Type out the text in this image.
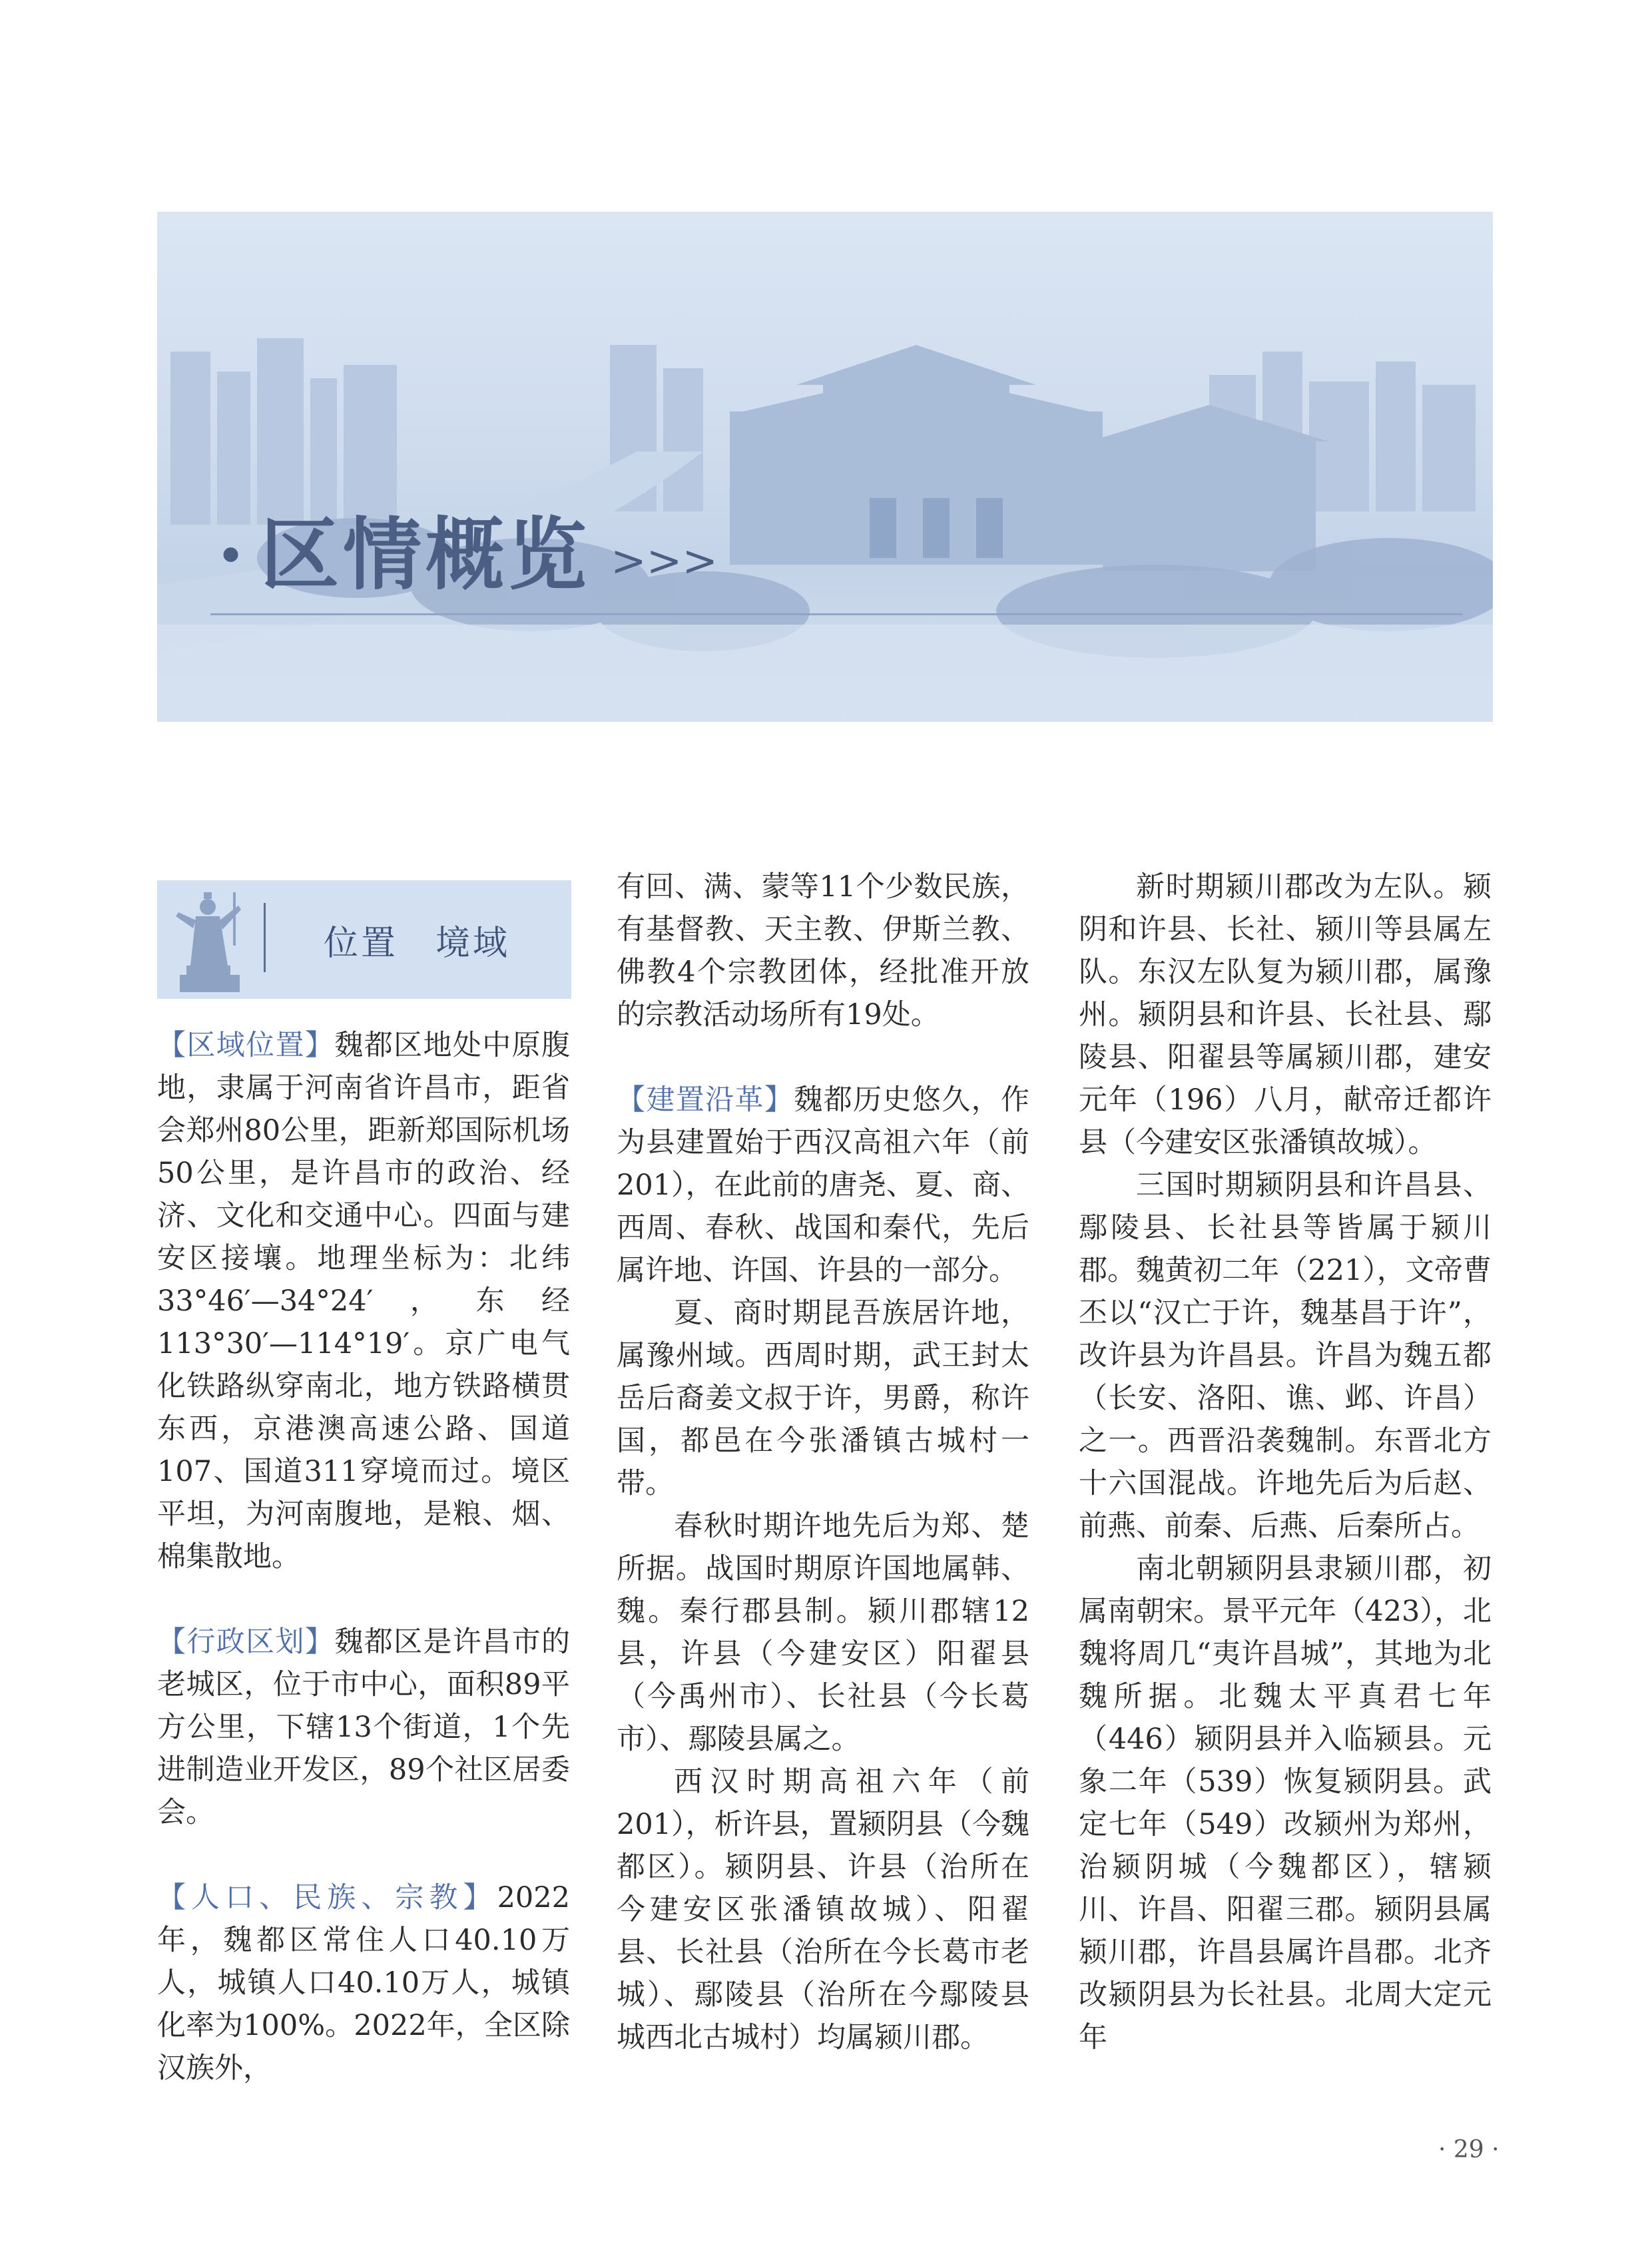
· 区情概览 >>>
位置　境域

【区域位置】魏都区地处中原腹地，隶属于河南省许昌市，距省会郑州80公里，距新郑国际机场50公里，是许昌市的政治、经济、文化和交通中心。四面与建安区接壤。地理坐标为：北纬33°46′—34°24′，东经113°30′—114°19′。京广电气化铁路纵穿南北，地方铁路横贯东西，京港澳高速公路、国道107、国道311穿境而过。境区平坦，为河南腹地，是粮、烟、棉集散地。

【行政区划】魏都区是许昌市的老城区，位于市中心，面积89平方公里，下辖13个街道，1个先进制造业开发区，89个社区居委会。

【人口、民族、宗教】2022年，魏都区常住人口40.10万人，城镇人口40.10万人，城镇化率为100%。2022年，全区除汉族外，

有回、满、蒙等11个少数民族，有基督教、天主教、伊斯兰教、佛教4个宗教团体，经批准开放的宗教活动场所有19处。

【建置沿革】魏都历史悠久，作为县建置始于西汉高祖六年（前201），在此前的唐尧、夏、商、西周、春秋、战国和秦代，先后属许地、许国、许县的一部分。

夏、商时期昆吾族居许地，属豫州域。西周时期，武王封太岳后裔姜文叔于许，男爵，称许国，都邑在今张潘镇古城村一带。

春秋时期许地先后为郑、楚所据。战国时期原许国地属韩、魏。秦行郡县制。颍川郡辖12县，许县（今建安区）阳翟县（今禹州市）、长社县（今长葛市）、鄢陵县属之。

西汉时期高祖六年（前201），析许县，置颍阴县（今魏都区）。颍阴县、许县（治所在今建安区张潘镇故城）、阳翟县、长社县（治所在今长葛市老城）、鄢陵县（治所在今鄢陵县城西北古城村）均属颍川郡。

新时期颍川郡改为左队。颍阴和许县、长社、颍川等县属左队。东汉左队复为颍川郡，属豫州。颍阴县和许县、长社县、鄢陵县、阳翟县等属颍川郡，建安元年（196）八月，献帝迁都许县（今建安区张潘镇故城）。

三国时期颍阴县和许昌县、鄢陵县、长社县等皆属于颍川郡。魏黄初二年（221），文帝曹丕以“汉亡于许，魏基昌于许”，改许县为许昌县。许昌为魏五都（长安、洛阳、谯、邺、许昌）之一。西晋沿袭魏制。东晋北方十六国混战。许地先后为后赵、前燕、前秦、后燕、后秦所占。

南北朝颍阴县隶颍川郡，初属南朝宋。景平元年（423），北魏将周几“夷许昌城”，其地为北魏所据。北魏太平真君七年（446）颍阴县并入临颍县。元象二年（539）恢复颍阴县。武定七年（549）改颍州为郑州，治颍阴城（今魏都区），辖颍川、许昌、阳翟三郡。颍阴县属颍川郡，许昌县属许昌郡。北齐改颍阴县为长社县。北周大定元年

· 29 ·
